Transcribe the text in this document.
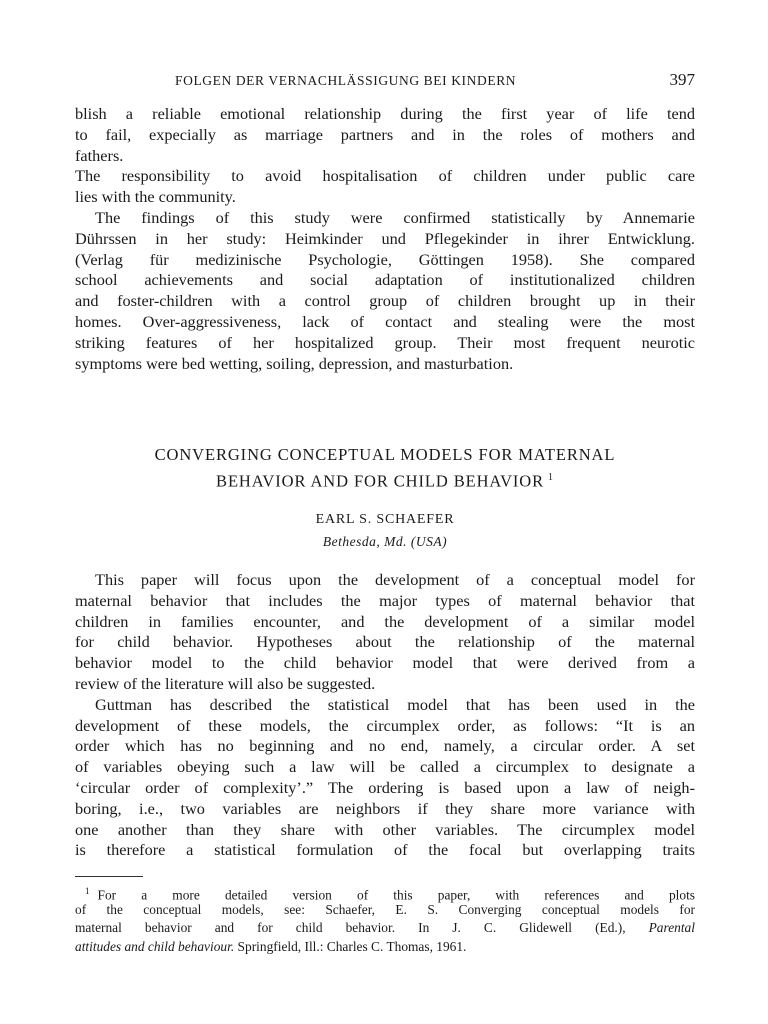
FOLGEN DER VERNACHLÄSSIGUNG BEI KINDERN	397
blish a reliable emotional relationship during the first year of life tend
to fail, expecially as marriage partners and in the roles of mothers and
fathers.
The responsibility to avoid hospitalisation of children under public care
lies with the community.
The findings of this study were confirmed statistically by Annemarie
Dührssen in her study: Heimkinder und Pflegekinder in ihrer Entwicklung.
(Verlag für medizinische Psychologie, Göttingen 1958). She compared
school achievements and social adaptation of institutionalized children
and foster-children with a control group of children brought up in their
homes. Over-aggressiveness, lack of contact and stealing were the most
striking features of her hospitalized group. Their most frequent neurotic
symptoms were bed wetting, soiling, depression, and masturbation.
CONVERGING CONCEPTUAL MODELS FOR MATERNAL
BEHAVIOR AND FOR CHILD BEHAVIOR $^1$
EARL S. SCHAEFER
Bethesda, Md. (USA)
This paper will focus upon the development of a conceptual model for
maternal behavior that includes the major types of maternal behavior that
children in families encounter, and the development of a similar model
for child behavior. Hypotheses about the relationship of the maternal
behavior model to the child behavior model that were derived from a
review of the literature will also be suggested.
Guttman has described the statistical model that has been used in the
development of these models, the circumplex order, as follows: “It is an
order which has no beginning and no end, namely, a circular order. A set
of variables obeying such a law will be called a circumplex to designate a
‘circular order of complexity’.” The ordering is based upon a law of neigh-
boring, i.e., two variables are neighbors if they share more variance with
one another than they share with other variables. The circumplex model
is therefore a statistical formulation of the focal but overlapping traits
$^1$ For a more detailed version of this paper, with references and plots
of the conceptual models, see: Schaefer, E. S. Converging conceptual models for
maternal behavior and for child behavior. In J. C. Glidewell (Ed.), Parental
attitudes and child behaviour. Springfield, Ill.: Charles C. Thomas, 1961.
